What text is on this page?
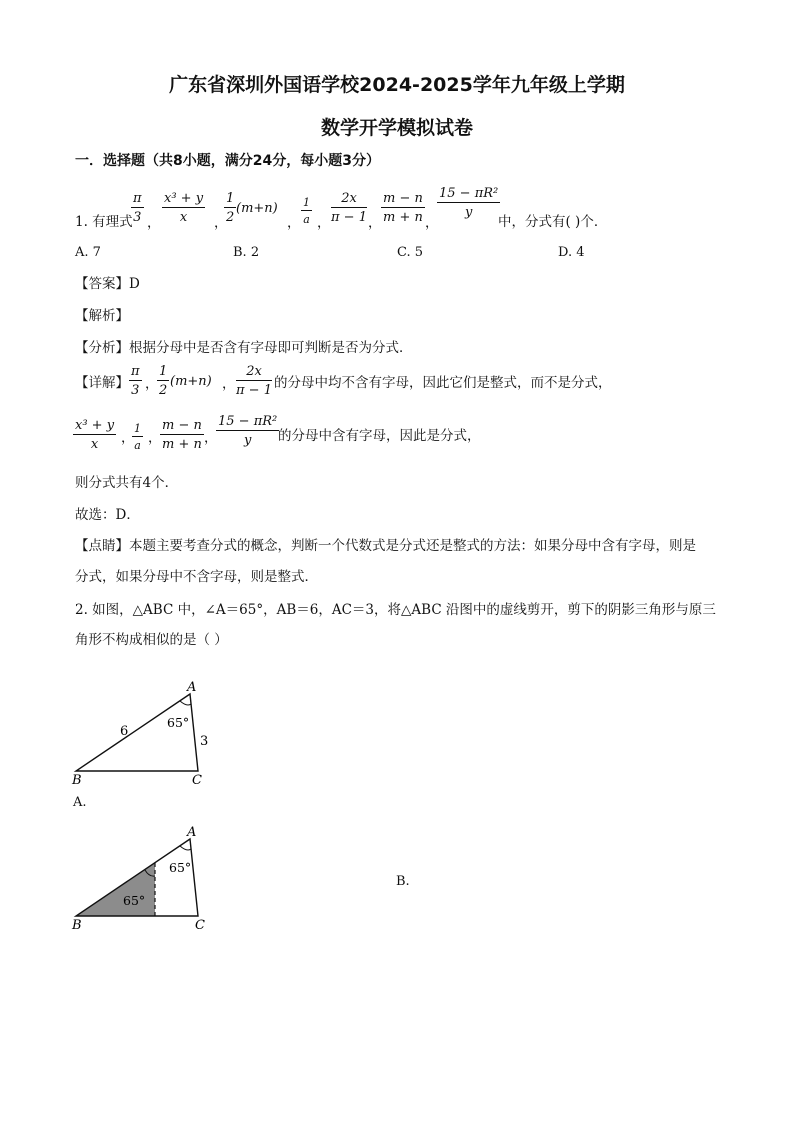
广东省深圳外国语学校2024-2025学年九年级上学期
数学开学模拟试卷
一．选择题（共8小题，满分24分，每小题3分）
1. 有理式
$\frac{\pi}{3}$ ， $\frac{\text{x³ + y}}{x}$ ，
$\frac{1}{2} (m+n)$
， $\frac{1}{a}$ ， $\frac{2x}{\pi - 1}$ ， $\frac{m - n}{m + n}$ ，
$\frac{\text{15 − πR²}}{y}$
中，分式有( )个．
A. 7	B. 2	C. 5	D. 4
【答案】D
【解析】
【分析】根据分母中是否含有字母即可判断是否为分式．
【详解】 $\frac{\pi}{3}$ ，
$\frac{1}{2} (m+n)$ ， $\frac{2x}{\pi - 1}$ 的分母中均不含有字母，因此它们是整式，而不是分式，
$\frac{\text{x³ + y}}{x}$ ，
$\frac{1}{a}$ ，
$\frac{m - n}{m + n}$ ，
$\frac{\text{15 − πR²}}{y}$
的分母中含有字母，因此是分式，
则分式共有4个．
故选：D．
【点睛】本题主要考查分式的概念，判断一个代数式是分式还是整式的方法：如果分母中含有字母，则是
分式，如果分母中不含字母，则是整式．
2. 如图，△ABC 中，∠A＝65°，AB＝6，AC＝3，将△ABC 沿图中的虚线剪开，剪下的阴影三角形与原三
角形不构成相似的是（ ）
A
B	C
65°
6
3
A.
A
B	C
65°
65°
B.
